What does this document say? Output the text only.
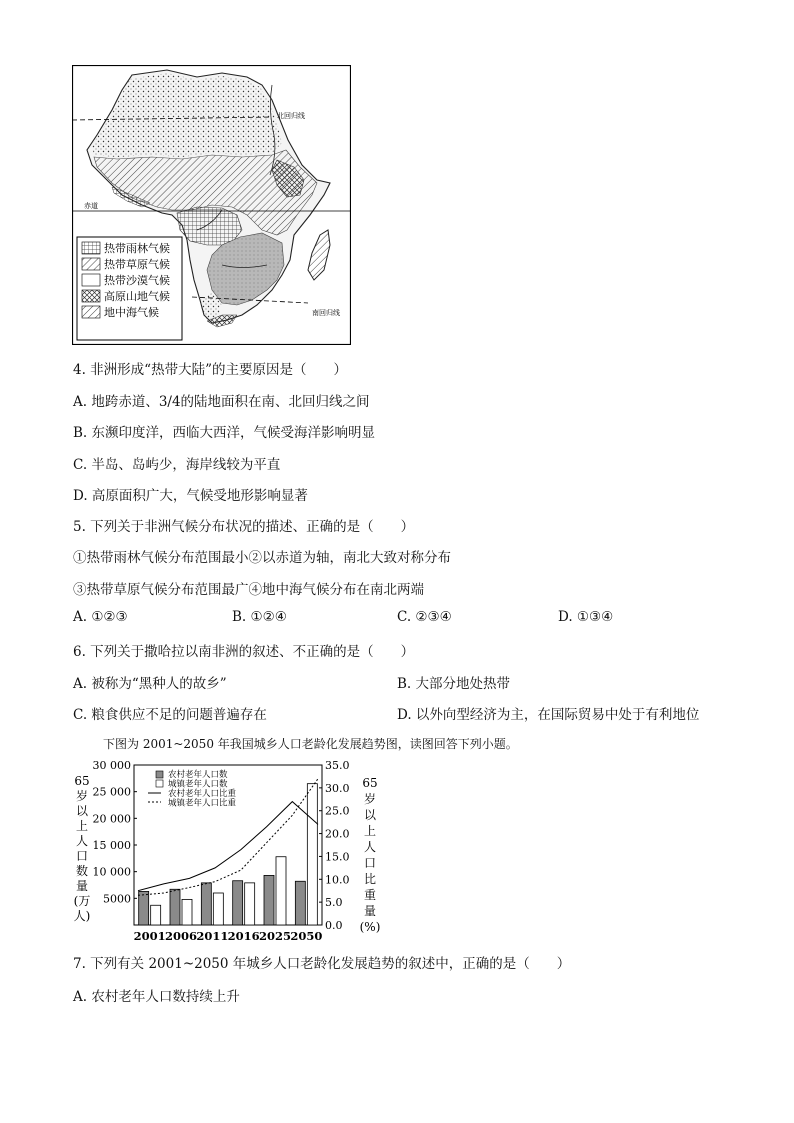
北回归线
赤道
南回归线
热带雨林气候
热带草原气候
热带沙漠气候
高原山地气候
地中海气候
4. 非洲形成“热带大陆”的主要原因是（　　）
A. 地跨赤道、3/4的陆地面积在南、北回归线之间
B. 东濒印度洋，西临大西洋，气候受海洋影响明显
C. 半岛、岛屿少，海岸线较为平直
D. 高原面积广大，气候受地形影响显著
5. 下列关于非洲气候分布状况的描述、正确的是（　　）
①热带雨林气候分布范围最小②以赤道为轴，南北大致对称分布
③热带草原气候分布范围最广④地中海气候分布在南北两端
A. ①②③	B. ①②④	C. ②③④	D. ①③④
6. 下列关于撒哈拉以南非洲的叙述、不正确的是（　　）
A. 被称为“黑种人的故乡”	B. 大部分地处热带
C. 粮食供应不足的问题普遍存在	D. 以外向型经济为主，在国际贸易中处于有利地位
下图为 2001~2050 年我国城乡人口老龄化发展趋势图，读图回答下列小题。
30 000
25 000
20 000
15 000
10 000
5000
35.0
30.0
25.0
20.0
15.0
10.0
5.0
0.0
65
岁
以
上
人
口
数
量
(万
人)
65
岁
以
上
人
口
比
重
量
(%)
2001 2006 2011 2016 2025 2050
农村老年人口数
城镇老年人口数
农村老年人口比重
城镇老年人口比重
7. 下列有关 2001~2050 年城乡人口老龄化发展趋势的叙述中，正确的是（　　）
A. 农村老年人口数持续上升
